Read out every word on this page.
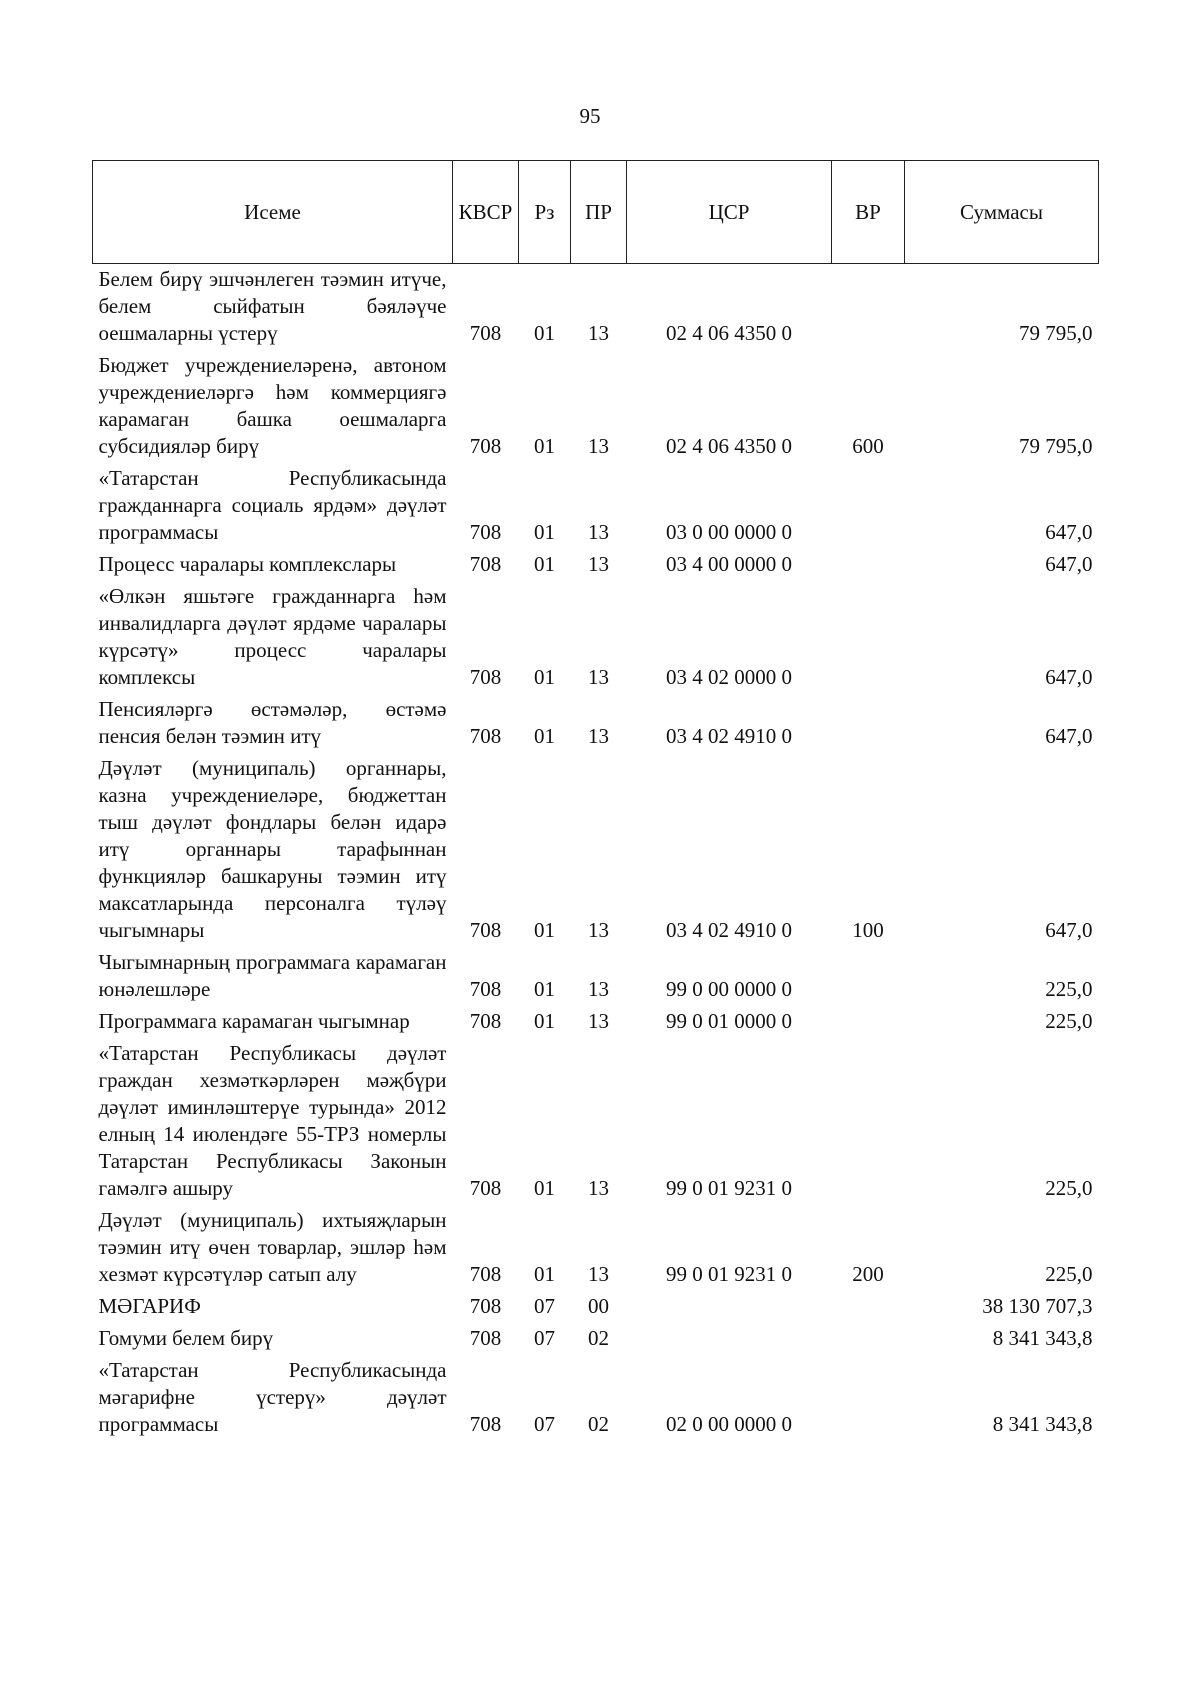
95
Исеме	КВСР	Рз	ПР	ЦСР	ВР	Суммасы
Белем бирү эшчәнлеген тәэмин итүче, белем сыйфатын бәяләүче оешмаларны үстерү	708	01	13	02 4 06 4350 0		79 795,0
Бюджет учреждениеләренә, автоном учреждениеләргә һәм коммерциягә карамаган башка оешмаларга субсидияләр бирү	708	01	13	02 4 06 4350 0	600	79 795,0
«Татарстан Республикасында гражданнарга социаль ярдәм» дәүләт программасы	708	01	13	03 0 00 0000 0		647,0
Процесс чаралары комплекслары	708	01	13	03 4 00 0000 0		647,0
«Өлкән яшьтәге гражданнарга һәм инвалидларга дәүләт ярдәме чаралары күрсәтү» процесс чаралары комплексы	708	01	13	03 4 02 0000 0		647,0
Пенсияләргә өстәмәләр, өстәмә пенсия белән тәэмин итү	708	01	13	03 4 02 4910 0		647,0
Дәүләт (муниципаль) органнары, казна учреждениеләре, бюджеттан тыш дәүләт фондлары белән идарә итү органнары тарафыннан функцияләр башкаруны тәэмин итү максатларында персоналга түләү чыгымнары	708	01	13	03 4 02 4910 0	100	647,0
Чыгымнарның программага карамаган юнәлешләре	708	01	13	99 0 00 0000 0		225,0
Программага карамаган чыгымнар	708	01	13	99 0 01 0000 0		225,0
«Татарстан Республикасы дәүләт граждан хезмәткәрләрен мәҗбүри дәүләт иминләштерүе турында» 2012 елның 14 июлендәге 55-ТРЗ номерлы Татарстан Республикасы Законын гамәлгә ашыру	708	01	13	99 0 01 9231 0		225,0
Дәүләт (муниципаль) ихтыяҗларын тәэмин итү өчен товарлар, эшләр һәм хезмәт күрсәтүләр сатып алу	708	01	13	99 0 01 9231 0	200	225,0
МӘГАРИФ	708	07	00			38 130 707,3
Гомуми белем бирү	708	07	02			8 341 343,8
«Татарстан Республикасында мәгарифне үстерү» дәүләт программасы	708	07	02	02 0 00 0000 0		8 341 343,8
